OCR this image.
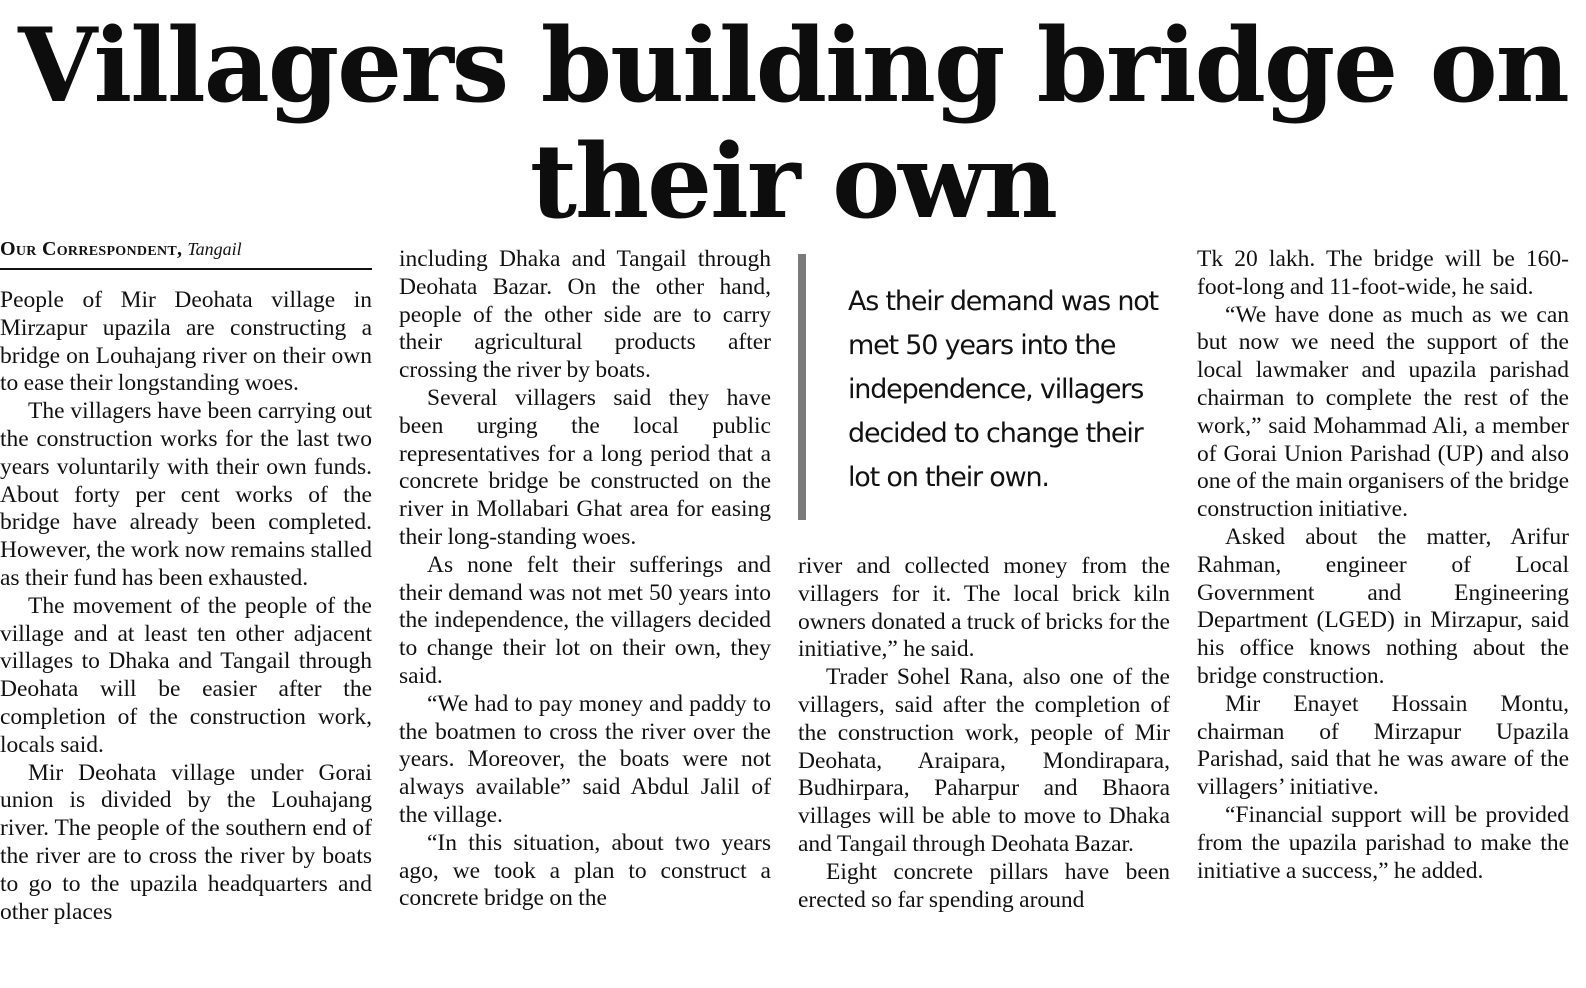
Villagers building bridge on their own
Our Correspondent, Tangail

People of Mir Deohata village in Mirzapur upazila are constructing a bridge on Louhajang river on their own to ease their longstanding woes.

The villagers have been carrying out the construction works for the last two years voluntarily with their own funds. About forty per cent works of the bridge have already been completed. However, the work now remains stalled as their fund has been exhausted.

The movement of the people of the village and at least ten other adjacent villages to Dhaka and Tangail through Deohata will be easier after the completion of the construction work, locals said.

Mir Deohata village under Gorai union is divided by the Louhajang river. The people of the southern end of the river are to cross the river by boats to go to the upazila headquarters and other places

including Dhaka and Tangail through Deohata Bazar. On the other hand, people of the other side are to carry their agricultural products after crossing the river by boats.

Several villagers said they have been urging the local public representatives for a long period that a concrete bridge be constructed on the river in Mollabari Ghat area for easing their long-standing woes.

As none felt their sufferings and their demand was not met 50 years into the independence, the villagers decided to change their lot on their own, they said.

“We had to pay money and paddy to the boatmen to cross the river over the years. Moreover, the boats were not always available” said Abdul Jalil of the village.

“In this situation, about two years ago, we took a plan to construct a concrete bridge on the

As their demand was not met 50 years into the independence, villagers decided to change their lot on their own.

river and collected money from the villagers for it. The local brick kiln owners donated a truck of bricks for the initiative,” he said.

Trader Sohel Rana, also one of the villagers, said after the completion of the construction work, people of Mir Deohata, Araipara, Mondirapara, Budhirpara, Paharpur and Bhaora villages will be able to move to Dhaka and Tangail through Deohata Bazar.

Eight concrete pillars have been erected so far spending around

Tk 20 lakh. The bridge will be 160-foot-long and 11-foot-wide, he said.

“We have done as much as we can but now we need the support of the local lawmaker and upazila parishad chairman to complete the rest of the work,” said Mohammad Ali, a member of Gorai Union Parishad (UP) and also one of the main organisers of the bridge construction initiative.

Asked about the matter, Arifur Rahman, engineer of Local Government and Engineering Department (LGED) in Mirzapur, said his office knows nothing about the bridge construction.

Mir Enayet Hossain Montu, chairman of Mirzapur Upazila Parishad, said that he was aware of the villagers’ initiative.

“Financial support will be provided from the upazila parishad to make the initiative a success,” he added.
